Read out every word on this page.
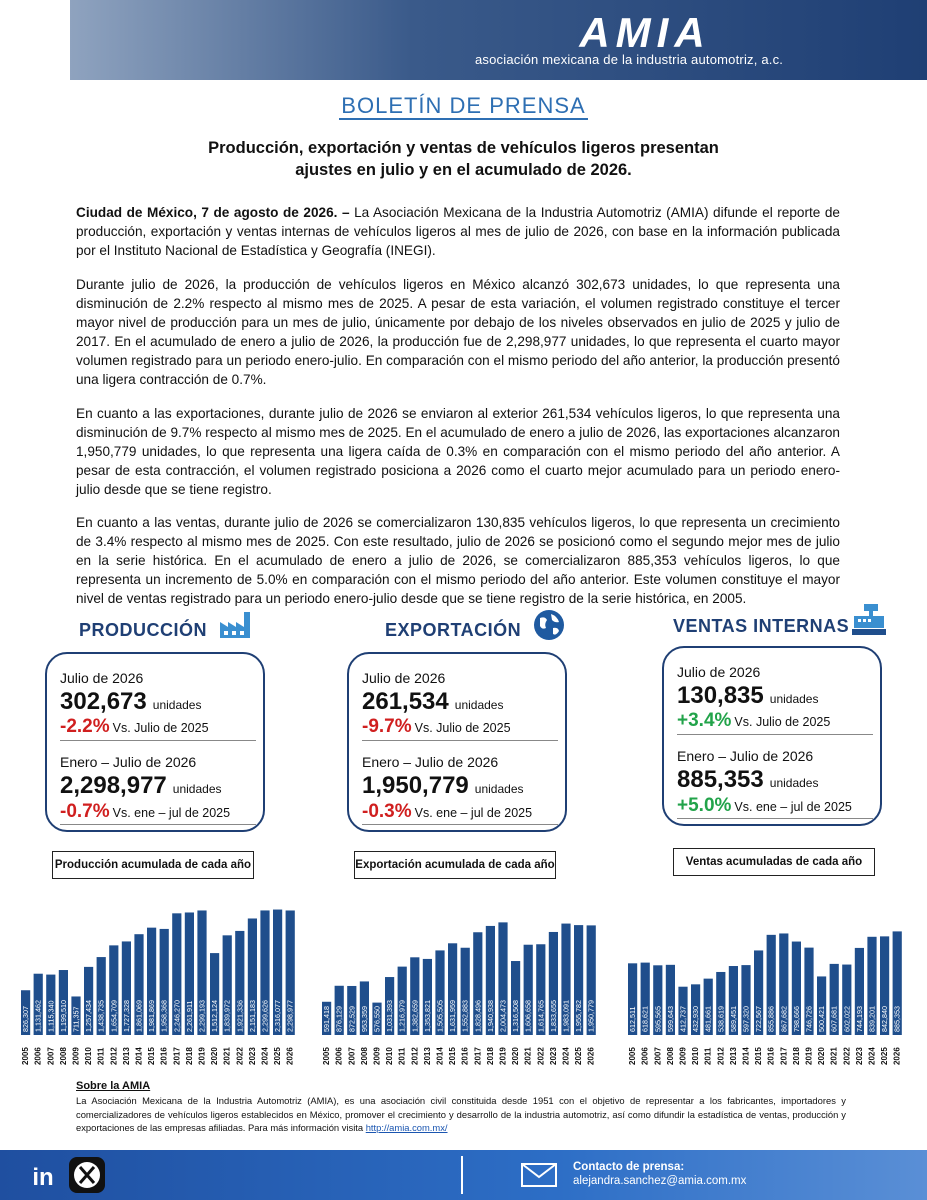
AMIA
asociación mexicana de la industria automotriz, a.c.
BOLETÍN DE PRENSA
Producción, exportación y ventas de vehículos ligeros presentan
ajustes en julio y en el acumulado de 2026.
Ciudad de México, 7 de agosto de 2026. – La Asociación Mexicana de la Industria Automotriz (AMIA) difunde el reporte de producción, exportación y ventas internas de vehículos ligeros al mes de julio de 2026, con base en la información publicada por el Instituto Nacional de Estadística y Geografía (INEGI).
Durante julio de 2026, la producción de vehículos ligeros en México alcanzó 302,673 unidades, lo que representa una disminución de 2.2% respecto al mismo mes de 2025. A pesar de esta variación, el volumen registrado constituye el tercer mayor nivel de producción para un mes de julio, únicamente por debajo de los niveles observados en julio de 2025 y julio de 2017. En el acumulado de enero a julio de 2026, la producción fue de 2,298,977 unidades, lo que representa el cuarto mayor volumen registrado para un periodo enero-julio. En comparación con el mismo periodo del año anterior, la producción presentó una ligera contracción de 0.7%.
En cuanto a las exportaciones, durante julio de 2026 se enviaron al exterior 261,534 vehículos ligeros, lo que representa una disminución de 9.7% respecto al mismo mes de 2025. En el acumulado de enero a julio de 2026, las exportaciones alcanzaron 1,950,779 unidades, lo que representa una ligera caída de 0.3% en comparación con el mismo periodo del año anterior. A pesar de esta contracción, el volumen registrado posiciona a 2026 como el cuarto mejor acumulado para un periodo enero-julio desde que se tiene registro.
En cuanto a las ventas, durante julio de 2026 se comercializaron 130,835 vehículos ligeros, lo que representa un crecimiento de 3.4% respecto al mismo mes de 2025. Con este resultado, julio de 2026 se posicionó como el segundo mejor mes de julio en la serie histórica. En el acumulado de enero a julio de 2026, se comercializaron 885,353 vehículos ligeros, lo que representa un incremento de 5.0% en comparación con el mismo periodo del año anterior. Este volumen constituye el mayor nivel de ventas registrado para un periodo enero-julio desde que se tiene registro de la serie histórica, en 2005.
PRODUCCIÓN	EXPORTACIÓN	VENTAS INTERNAS
Julio de 2026
302,673 unidades
-2.2% Vs. Julio de 2025
Enero – Julio de 2026
2,298,977 unidades
-0.7% Vs. ene – jul de 2025
Julio de 2026
261,534 unidades
-9.7% Vs. Julio de 2025
Enero – Julio de 2026
1,950,779 unidades
-0.3% Vs. ene – jul de 2025
Julio de 2026
130,835 unidades
+3.4% Vs. Julio de 2025
Enero – Julio de 2026
885,353 unidades
+5.0% Vs. ene – jul de 2025
Producción acumulada de cada año	Exportación acumulada de cada año	Ventas acumuladas de cada año
826,307
2005
1,131,462
2006
1,115,340
2007
1,199,510
2008
711,357
2009
1,257,434
2010
1,438,735
2011
1,654,709
2012
1,727,328
2013
1,861,069
2014
1,981,869
2015
1,958,368
2016
2,246,270
2017
2,261,911
2018
2,299,193
2019
1,512,124
2020
1,839,972
2021
1,921,336
2022
2,151,183
2023
2,299,626
2024
2,316,077
2025
2,298,977
2026
591,418
2005
876,129
2006
872,529
2007
953,359
2008
576,550
2009
1,031,393
2010
1,216,979
2011
1,382,659
2012
1,353,821
2013
1,505,505
2014
1,631,959
2015
1,552,883
2016
1,828,496
2017
1,940,938
2018
2,004,473
2019
1,316,508
2020
1,606,658
2021
1,614,765
2022
1,833,655
2023
1,983,091
2024
1,955,782
2025
1,950,779
2026
612,511
2005
618,621
2006
595,565
2007
599,643
2008
412,737
2009
432,930
2010
481,661
2011
538,619
2012
589,451
2013
597,320
2014
722,567
2015
855,886
2016
867,682
2017
798,666
2018
746,726
2019
500,421
2020
607,681
2021
602,022
2022
744,193
2023
839,201
2024
842,840
2025
885,353
2026
Sobre la AMIA
La Asociación Mexicana de la Industria Automotriz (AMIA), es una asociación civil constituida desde 1951 con el objetivo de representar a los fabricantes, importadores y comercializadores de vehículos ligeros establecidos en México, promover el crecimiento y desarrollo de la industria automotriz, así como difundir la estadística de ventas, producción y exportaciones de las empresas afiliadas. Para más información visita http://amia.com.mx/
in	Contacto de prensa:
alejandra.sanchez@amia.com.mx
